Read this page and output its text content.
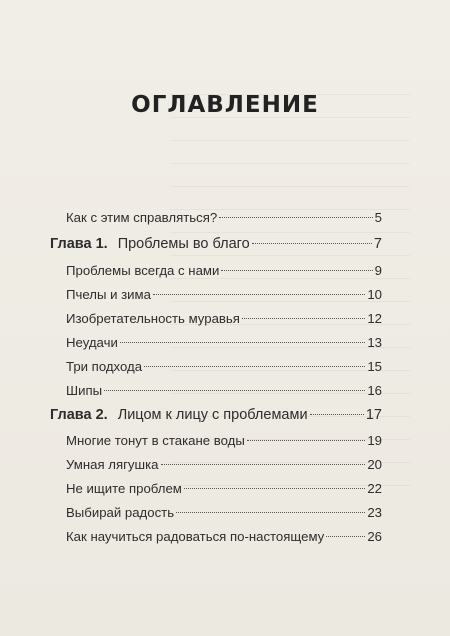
ОГЛАВЛЕНИЕ
Как с этим справляться?	5
Глава 1. Проблемы во благо	7
Проблемы всегда с нами	9
Пчелы и зима	10
Изобретательность муравья	12
Неудачи	13
Три подхода	15
Шипы	16
Глава 2. Лицом к лицу с проблемами	17
Многие тонут в стакане воды	19
Умная лягушка	20
Не ищите проблем	22
Выбирай радость	23
Как научиться радоваться по-настоящему	26
